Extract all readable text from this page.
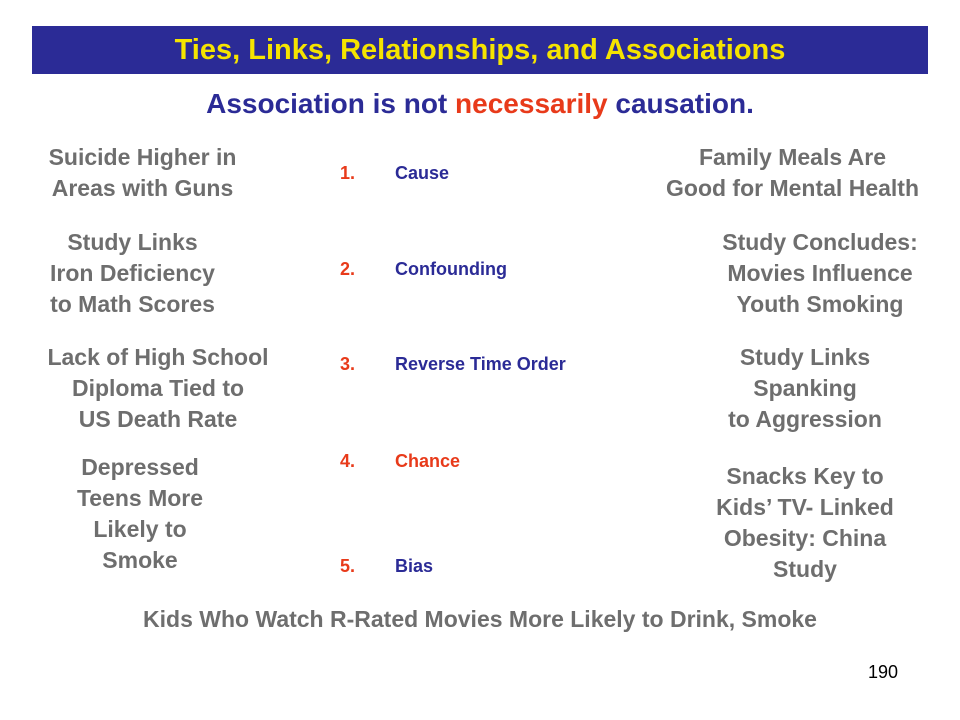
Ties, Links, Relationships, and Associations
Association is not necessarily causation.
Suicide Higher in
Areas with Guns
Study Links
Iron Deficiency
to Math Scores
Lack of High School
Diploma Tied to
US Death Rate
Depressed
Teens More
Likely to
Smoke
1. Cause
2. Confounding
3. Reverse Time Order
4. Chance
5. Bias
Family Meals Are
Good for Mental Health
Study Concludes:
Movies Influence
Youth Smoking
Study Links
Spanking
to Aggression
Snacks Key to
Kids’ TV- Linked
Obesity: China
Study
Kids Who Watch R-Rated Movies More Likely to Drink, Smoke
190
